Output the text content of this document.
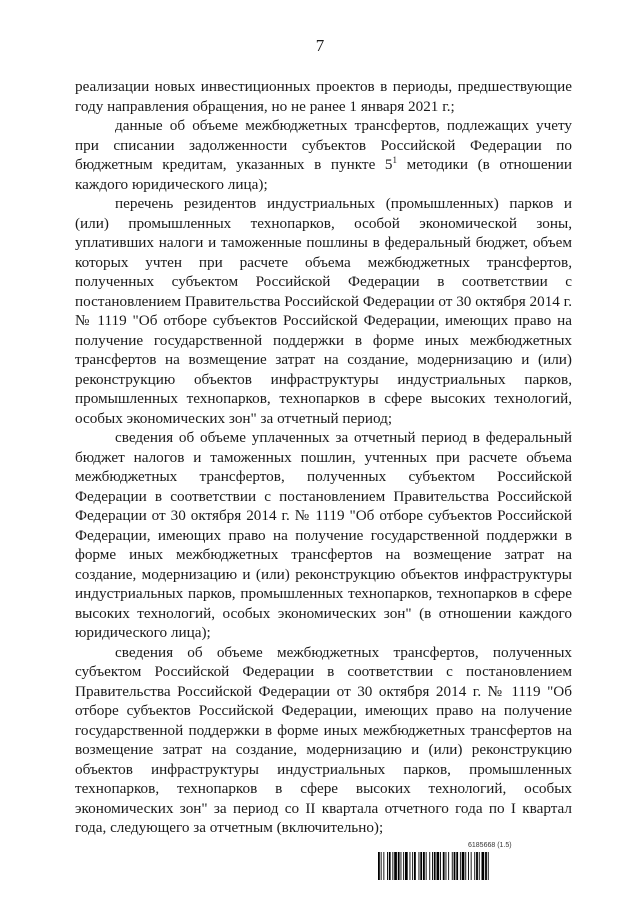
7

реализации новых инвестиционных проектов в периоды, предшествующие году направления обращения, но не ранее 1 января 2021 г.;

данные об объеме межбюджетных трансфертов, подлежащих учету при списании задолженности субъектов Российской Федерации по бюджетным кредитам, указанных в пункте $5^1$ методики (в отношении каждого юридического лица);

перечень резидентов индустриальных (промышленных) парков и (или) промышленных технопарков, особой экономической зоны, уплативших налоги и таможенные пошлины в федеральный бюджет, объем которых учтен при расчете объема межбюджетных трансфертов, полученных субъектом Российской Федерации в соответствии с постановлением Правительства Российской Федерации от 30 октября 2014 г. № 1119 "Об отборе субъектов Российской Федерации, имеющих право на получение государственной поддержки в форме иных межбюджетных трансфертов на возмещение затрат на создание, модернизацию и (или) реконструкцию объектов инфраструктуры индустриальных парков, промышленных технопарков, технопарков в сфере высоких технологий, особых экономических зон" за отчетный период;

сведения об объеме уплаченных за отчетный период в федеральный бюджет налогов и таможенных пошлин, учтенных при расчете объема межбюджетных трансфертов, полученных субъектом Российской Федерации в соответствии с постановлением Правительства Российской Федерации от 30 октября 2014 г. № 1119 "Об отборе субъектов Российской Федерации, имеющих право на получение государственной поддержки в форме иных межбюджетных трансфертов на возмещение затрат на создание, модернизацию и (или) реконструкцию объектов инфраструктуры индустриальных парков, промышленных технопарков, технопарков в сфере высоких технологий, особых экономических зон" (в отношении каждого юридического лица);

сведения об объеме межбюджетных трансфертов, полученных субъектом Российской Федерации в соответствии с постановлением Правительства Российской Федерации от 30 октября 2014 г. № 1119 "Об отборе субъектов Российской Федерации, имеющих право на получение государственной поддержки в форме иных межбюджетных трансфертов на возмещение затрат на создание, модернизацию и (или) реконструкцию объектов инфраструктуры индустриальных парков, промышленных технопарков, технопарков в сфере высоких технологий, особых экономических зон" за период со II квартала отчетного года по I квартал года, следующего за отчетным (включительно);

6185668 (1.5)
